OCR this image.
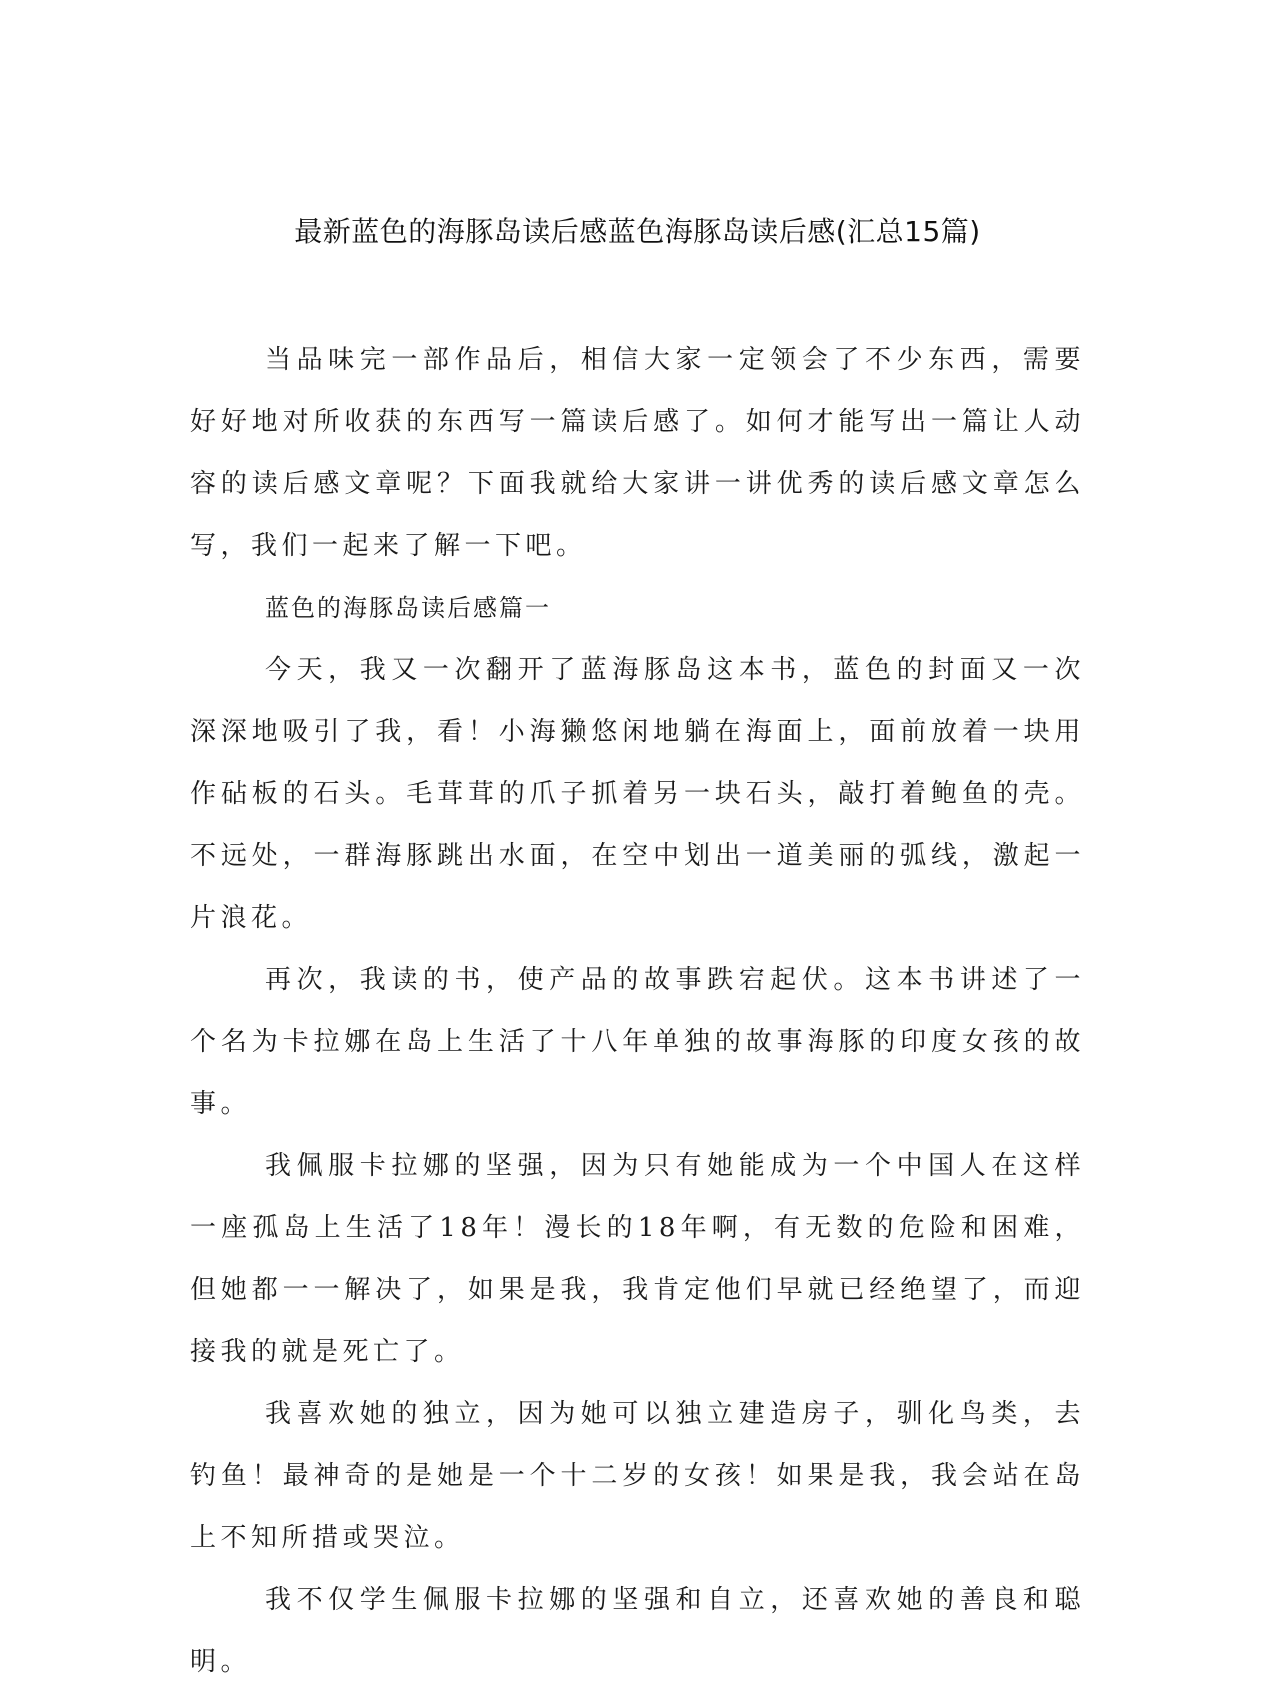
最新蓝色的海豚岛读后感蓝色海豚岛读后感(汇总15篇)

当品味完一部作品后，相信大家一定领会了不少东西，需要好好地对所收获的东西写一篇读后感了。如何才能写出一篇让人动容的读后感文章呢？下面我就给大家讲一讲优秀的读后感文章怎么写，我们一起来了解一下吧。

蓝色的海豚岛读后感篇一

今天，我又一次翻开了蓝海豚岛这本书，蓝色的封面又一次深深地吸引了我，看！小海獭悠闲地躺在海面上，面前放着一块用作砧板的石头。毛茸茸的爪子抓着另一块石头，敲打着鲍鱼的壳。不远处，一群海豚跳出水面，在空中划出一道美丽的弧线，激起一片浪花。

再次，我读的书，使产品的故事跌宕起伏。这本书讲述了一个名为卡拉娜在岛上生活了十八年单独的故事海豚的印度女孩的故事。

我佩服卡拉娜的坚强，因为只有她能成为一个中国人在这样一座孤岛上生活了18年！漫长的18年啊，有无数的危险和困难，但她都一一解决了，如果是我，我肯定他们早就已经绝望了，而迎接我的就是死亡了。

我喜欢她的独立，因为她可以独立建造房子，驯化鸟类，去钓鱼！最神奇的是她是一个十二岁的女孩！如果是我，我会站在岛上不知所措或哭泣。

我不仅学生佩服卡拉娜的坚强和自立，还喜欢她的善良和聪明。
